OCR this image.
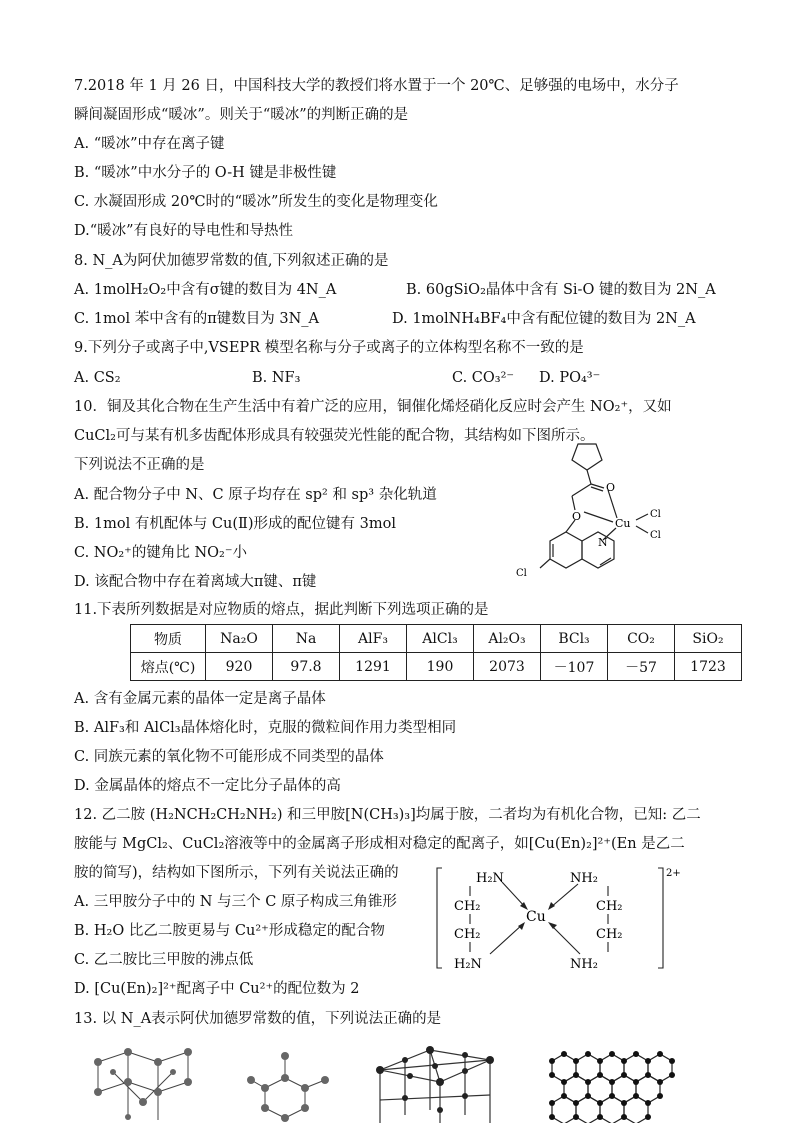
7.2018 年 1 月 26 日，中国科技大学的教授们将水置于一个 20℃、足够强的电场中，水分子
瞬间凝固形成“暖冰”。则关于“暖冰”的判断正确的是
A. “暖冰”中存在离子键
B. “暖冰”中水分子的 O-H 键是非极性键
C. 水凝固形成 20℃时的“暖冰”所发生的变化是物理变化
D.“暖冰”有良好的导电性和导热性
8. N_A为阿伏加德罗常数的值,下列叙述正确的是
A. 1molH₂O₂中含有σ键的数目为 4N_A	B. 60gSiO₂晶体中含有 Si-O 键的数目为 2N_A
C. 1mol 苯中含有的π键数目为 3N_A	D. 1molNH₄BF₄中含有配位键的数目为 2N_A
9.下列分子或离子中,VSEPR 模型名称与分子或离子的立体构型名称不一致的是
A. CS₂	B. NF₃	C. CO₃²⁻ D. PO₄³⁻
10．铜及其化合物在生产生活中有着广泛的应用，铜催化烯烃硝化反应时会产生 NO₂⁺，又如
CuCl₂可与某有机多齿配体形成具有较强荧光性能的配合物，其结构如下图所示。
下列说法不正确的是
A. 配合物分子中 N、C 原子均存在 sp² 和 sp³ 杂化轨道
B. 1mol 有机配体与 Cu(Ⅱ)形成的配位键有 3mol
C. NO₂⁺的键角比 NO₂⁻小
D. 该配合物中存在着离域大π键、π键
O
O
Cu
Cl
Cl
N
Cl
11.下表所列数据是对应物质的熔点，据此判断下列选项正确的是
物质	Na₂O	Na	AlF₃	AlCl₃	Al₂O₃	BCl₃	CO₂	SiO₂
熔点(℃)	920	97.8	1291	190	2073	－107	－57	1723
A. 含有金属元素的晶体一定是离子晶体
B. AlF₃和 AlCl₃晶体熔化时，克服的微粒间作用力类型相同
C. 同族元素的氧化物不可能形成不同类型的晶体
D. 金属晶体的熔点不一定比分子晶体的高
12. 乙二胺 (H₂NCH₂CH₂NH₂) 和三甲胺[N(CH₃)₃]均属于胺，二者均为有机化合物，已知: 乙二
胺能与 MgCl₂、CuCl₂溶液等中的金属离子形成相对稳定的配离子，如[Cu(En)₂]²⁺(En 是乙二
胺的简写)，结构如下图所示，下列有关说法正确的
A. 三甲胺分子中的 N 与三个 C 原子构成三角锥形
B. H₂O 比乙二胺更易与 Cu²⁺形成稳定的配合物
C. 乙二胺比三甲胺的沸点低
D. [Cu(En)₂]²⁺配离子中 Cu²⁺的配位数为 2
H₂N	NH₂
CH₂
CH₂
Cu
CH₂
CH₂
H₂N	NH₂
2+
13. 以 N_A表示阿伏加德罗常数的值，下列说法正确的是
